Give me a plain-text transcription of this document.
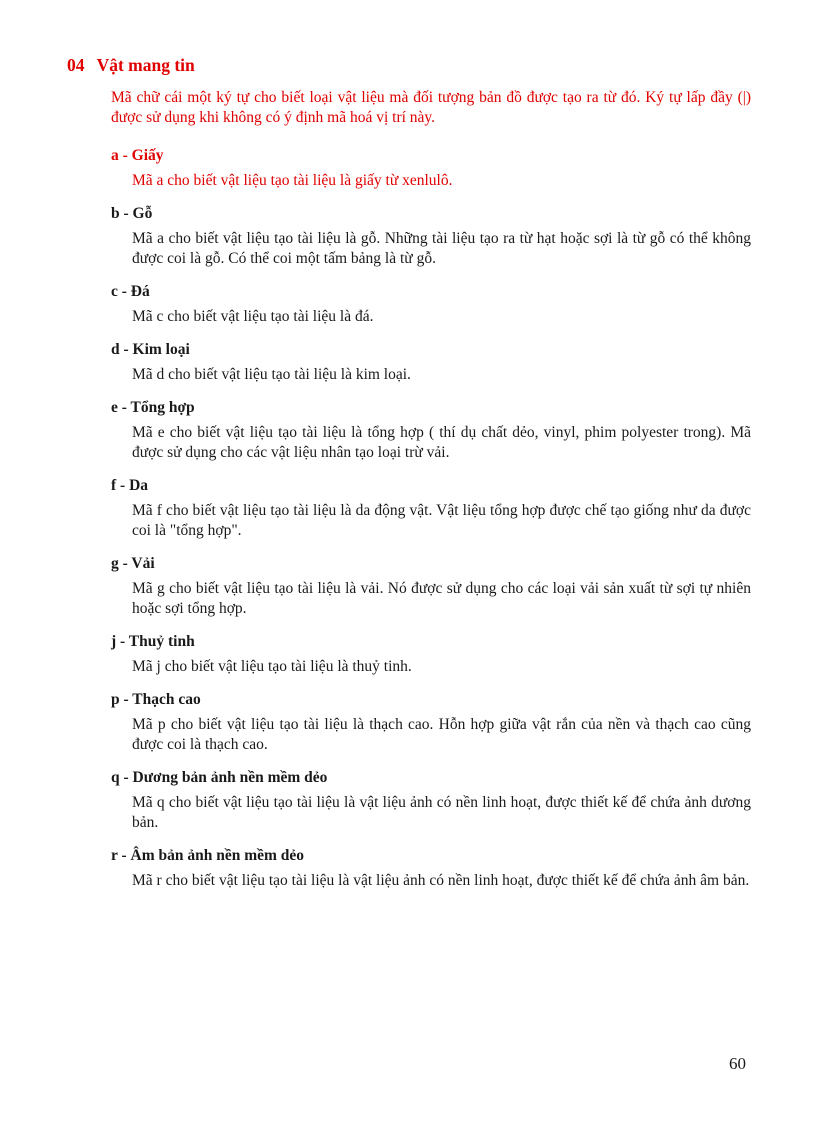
04 Vật mang tin

Mã chữ cái một ký tự cho biết loại vật liệu mà đối tượng bản đồ được tạo ra từ đó. Ký tự lấp đầy (|) được sử dụng khi không có ý định mã hoá vị trí này.

a - Giấy

Mã a cho biết vật liệu tạo tài liệu là giấy từ xenlulô.

b - Gỗ

Mã a cho biết vật liệu tạo tài liệu là gỗ. Những tài liệu tạo ra từ hạt hoặc sợi là từ gỗ có thể không được coi là gỗ. Có thể coi một tấm bảng là từ gỗ.

c - Đá

Mã c cho biết vật liệu tạo tài liệu là đá.

d - Kim loại

Mã d cho biết vật liệu tạo tài liệu là kim loại.

e - Tổng hợp

Mã e cho biết vật liệu tạo tài liệu là tổng hợp ( thí dụ chất dẻo, vinyl, phim polyester trong). Mã được sử dụng cho các vật liệu nhân tạo loại trừ vải.

f - Da

Mã f cho biết vật liệu tạo tài liệu là da động vật. Vật liệu tổng hợp được chế tạo giống như da được coi là "tổng hợp".

g - Vải

Mã g cho biết vật liệu tạo tài liệu là vải. Nó được sử dụng cho các loại vải sản xuất từ sợi tự nhiên hoặc sợi tổng hợp.

j - Thuỷ tinh

Mã j cho biết vật liệu tạo tài liệu là thuỷ tinh.

p - Thạch cao

Mã p cho biết vật liệu tạo tài liệu là thạch cao. Hỗn hợp giữa vật rắn của nền và thạch cao cũng được coi là thạch cao.

q - Dương bản ảnh nền mềm dẻo

Mã q cho biết vật liệu tạo tài liệu là vật liệu ảnh có nền linh hoạt, được thiết kế để chứa ảnh dương bản.

r - Âm bản ảnh nền mềm dẻo

Mã r cho biết vật liệu tạo tài liệu là vật liệu ảnh có nền linh hoạt, được thiết kế để chứa ảnh âm bản.

60
